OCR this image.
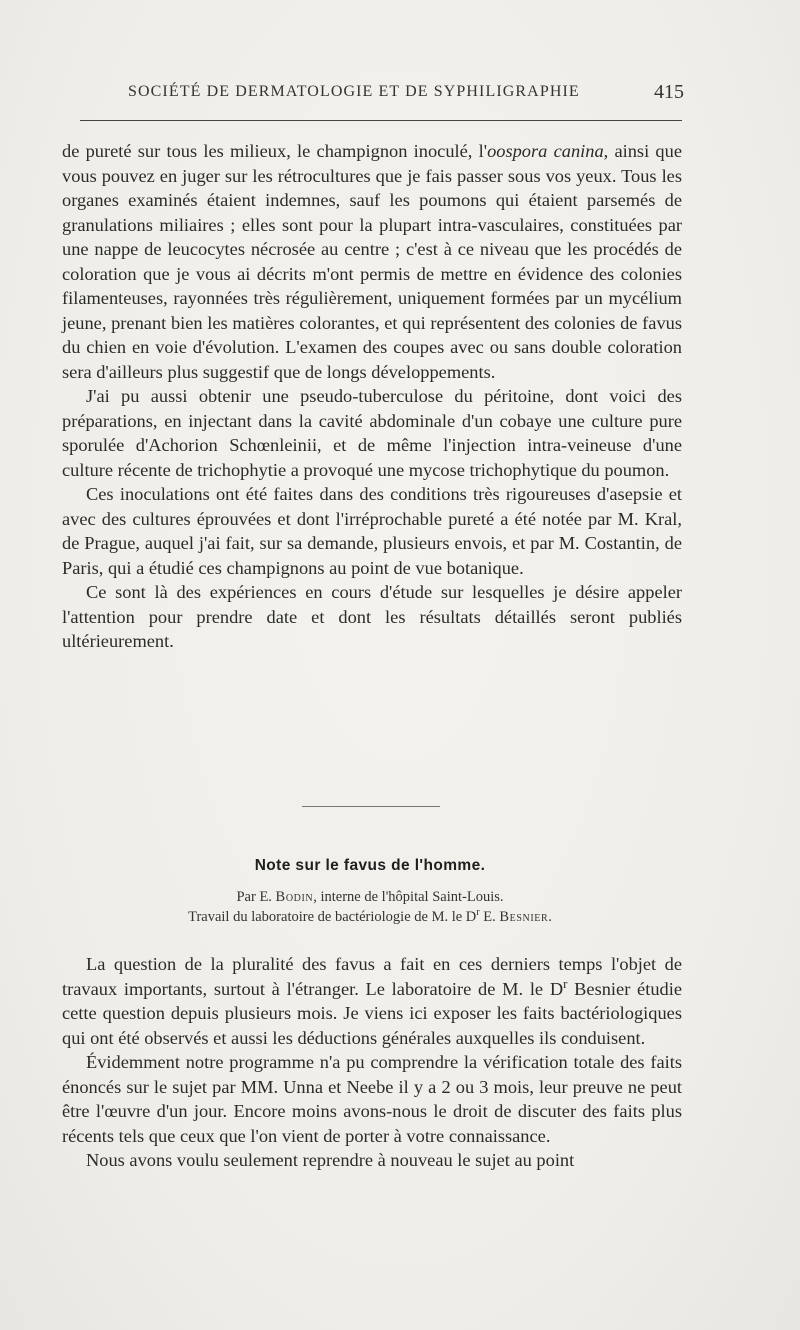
SOCIÉTÉ DE DERMATOLOGIE ET DE SYPHILIGRAPHIE	415

de pureté sur tous les milieux, le champignon inoculé, l'oospora canina, ainsi que vous pouvez en juger sur les rétrocultures que je fais passer sous vos yeux. Tous les organes examinés étaient indemnes, sauf les poumons qui étaient parsemés de granulations miliaires ; elles sont pour la plupart intra-vasculaires, constituées par une nappe de leucocytes nécrosée au centre ; c'est à ce niveau que les procédés de coloration que je vous ai décrits m'ont permis de mettre en évidence des colonies filamenteuses, rayonnées très régulièrement, uniquement formées par un mycélium jeune, prenant bien les matières colorantes, et qui représentent des colonies de favus du chien en voie d'évolution. L'examen des coupes avec ou sans double coloration sera d'ailleurs plus suggestif que de longs développements.

J'ai pu aussi obtenir une pseudo-tuberculose du péritoine, dont voici des préparations, en injectant dans la cavité abdominale d'un cobaye une culture pure sporulée d'Achorion Schœnleinii, et de même l'injection intra-veineuse d'une culture récente de trichophytie a provoqué une mycose trichophytique du poumon.

Ces inoculations ont été faites dans des conditions très rigoureuses d'asepsie et avec des cultures éprouvées et dont l'irréprochable pureté a été notée par M. Kral, de Prague, auquel j'ai fait, sur sa demande, plusieurs envois, et par M. Costantin, de Paris, qui a étudié ces champignons au point de vue botanique.

Ce sont là des expériences en cours d'étude sur lesquelles je désire appeler l'attention pour prendre date et dont les résultats détaillés seront publiés ultérieurement.

Note sur le favus de l'homme.
Par E. Bodin, interne de l'hôpital Saint-Louis.
Travail du laboratoire de bactériologie de M. le $D^r$ E. Besnier.

La question de la pluralité des favus a fait en ces derniers temps l'objet de travaux importants, surtout à l'étranger. Le laboratoire de M. le $D^r$ Besnier étudie cette question depuis plusieurs mois. Je viens ici exposer les faits bactériologiques qui ont été observés et aussi les déductions générales auxquelles ils conduisent.

Évidemment notre programme n'a pu comprendre la vérification totale des faits énoncés sur le sujet par MM. Unna et Neebe il y a 2 ou 3 mois, leur preuve ne peut être l'œuvre d'un jour. Encore moins avons-nous le droit de discuter des faits plus récents tels que ceux que l'on vient de porter à votre connaissance.

Nous avons voulu seulement reprendre à nouveau le sujet au point
